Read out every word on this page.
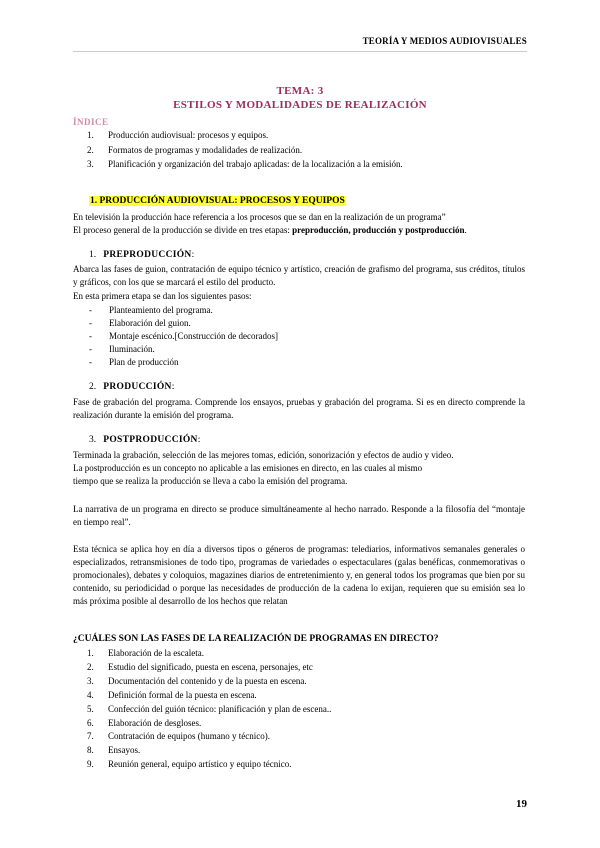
TEORÍA Y MEDIOS AUDIOVISUALES
TEMA: 3
ESTILOS Y MODALIDADES DE REALIZACIÓN
ÍNDICE
1.	Producción audiovisual: procesos y equipos.
2.	Formatos de programas y modalidades de realización.
3.	Planificación y organización del trabajo aplicadas: de la localización a la emisión.
1. PRODUCCIÓN AUDIOVISUAL: PROCESOS Y EQUIPOS
En televisión la producción hace referencia a los procesos que se dan en la realización de un programa”
El proceso general de la producción se divide en tres etapas: preproducción, producción y postproducción.
1. PREPRODUCCIÓN:
Abarca las fases de guion, contratación de equipo técnico y artístico, creación de grafismo del programa, sus créditos, títulos y gráficos, con los que se marcará el estilo del producto.
En esta primera etapa se dan los siguientes pasos:
-	Planteamiento del programa.
-	Elaboración del guion.
-	Montaje escénico.[Construcción de decorados]
-	Iluminación.
-	Plan de producción
2. PRODUCCIÓN:
Fase de grabación del programa. Comprende los ensayos, pruebas y grabación del programa. Si es en directo comprende la realización durante la emisión del programa.
3. POSTPRODUCCIÓN:
Terminada la grabación, selección de las mejores tomas, edición, sonorización y efectos de audio y video.
La postproducción es un concepto no aplicable a las emisiones en directo, en las cuales al mismo
tiempo que se realiza la producción se lleva a cabo la emisión del programa.
La narrativa de un programa en directo se produce simultáneamente al hecho narrado. Responde a la filosofía del “montaje en tiempo real”.
Esta técnica se aplica hoy en día a diversos tipos o géneros de programas: telediarios, informativos semanales generales o especializados, retransmisiones de todo tipo, programas de variedades o espectaculares (galas benéficas, conmemorativas o promocionales), debates y coloquios, magazines diarios de entretenimiento y, en general todos los programas que bien por su contenido, su periodicidad o porque las necesidades de producción de la cadena lo exijan, requieren que su emisión sea lo más próxima posible al desarrollo de los hechos que relatan
¿CUÁLES SON LAS FASES DE LA REALIZACIÓN DE PROGRAMAS EN DIRECTO?
1.	Elaboración de la escaleta.
2.	Estudio del significado, puesta en escena, personajes, etc
3.	Documentación del contenido y de la puesta en escena.
4.	Definición formal de la puesta en escena.
5.	Confección del guión técnico: planificación y plan de escena..
6.	Elaboración de desgloses.
7.	Contratación de equipos (humano y técnico).
8.	Ensayos.
9.	Reunión general, equipo artístico y equipo técnico.
19
